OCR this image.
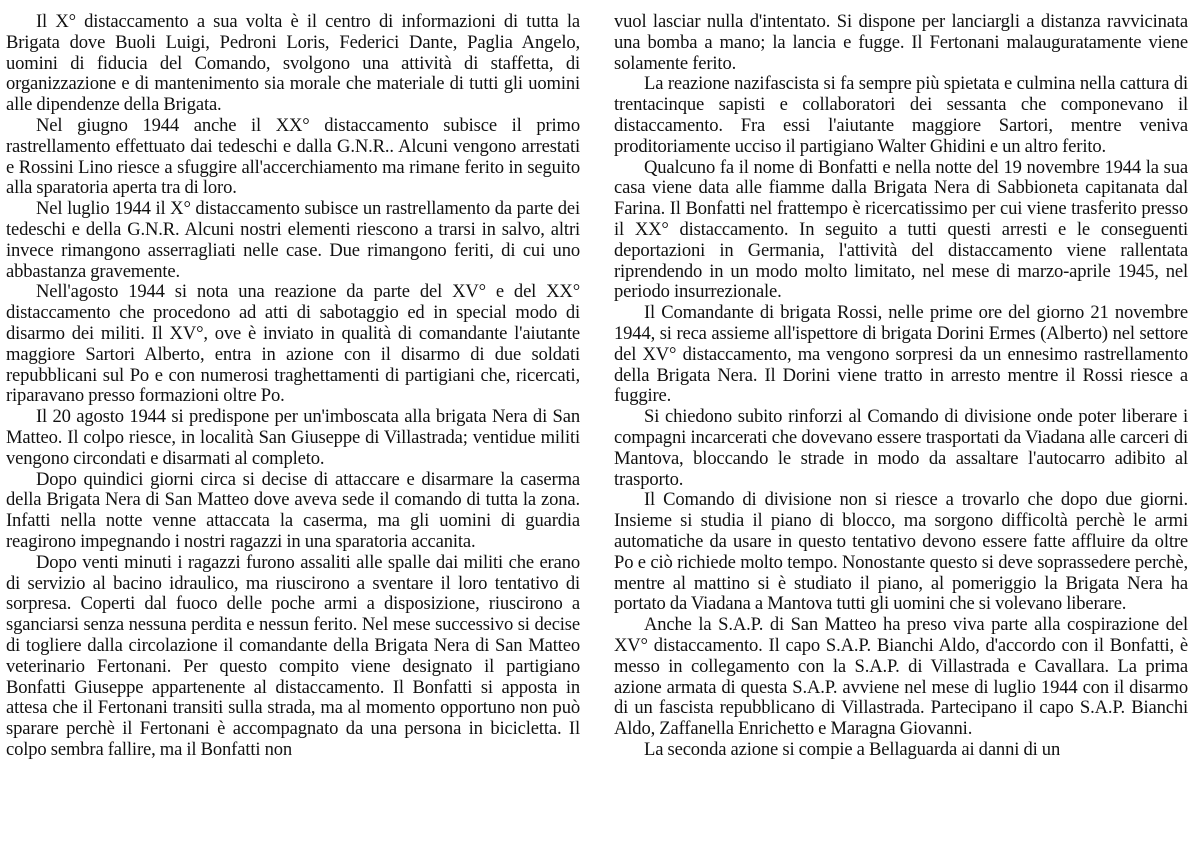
Il X° distaccamento a sua volta è il centro di informazioni di tutta la Brigata dove Buoli Luigi, Pedroni Loris, Federici Dante, Paglia Angelo, uomini di fiducia del Comando, svolgono una attività di staffetta, di organizzazione e di mantenimento sia morale che materiale di tutti gli uomini alle dipendenze della Brigata.

Nel giugno 1944 anche il XX° distaccamento subisce il primo rastrellamento effettuato dai tedeschi e dalla G.N.R.. Alcuni vengono arrestati e Rossini Lino riesce a sfuggire all'accerchiamento ma rimane ferito in seguito alla sparatoria aperta tra di loro.

Nel luglio 1944 il X° distaccamento subisce un rastrellamento da parte dei tedeschi e della G.N.R. Alcuni nostri elementi riescono a trarsi in salvo, altri invece rimangono asserragliati nelle case. Due rimangono feriti, di cui uno abbastanza gravemente.

Nell'agosto 1944 si nota una reazione da parte del XV° e del XX° distaccamento che procedono ad atti di sabotaggio ed in special modo di disarmo dei militi. Il XV°, ove è inviato in qualità di comandante l'aiutante maggiore Sartori Alberto, entra in azione con il disarmo di due soldati repubblicani sul Po e con numerosi traghettamenti di partigiani che, ricercati, riparavano presso formazioni oltre Po.

Il 20 agosto 1944 si predispone per un'imboscata alla brigata Nera di San Matteo. Il colpo riesce, in località San Giuseppe di Villastrada; ventidue militi vengono circondati e disarmati al completo.

Dopo quindici giorni circa si decise di attaccare e disarmare la caserma della Brigata Nera di San Matteo dove aveva sede il comando di tutta la zona. Infatti nella notte venne attaccata la caserma, ma gli uomini di guardia reagirono impegnando i nostri ragazzi in una sparatoria accanita.

Dopo venti minuti i ragazzi furono assaliti alle spalle dai militi che erano di servizio al bacino idraulico, ma riuscirono a sventare il loro tentativo di sorpresa. Coperti dal fuoco delle poche armi a disposizione, riuscirono a sganciarsi senza nessuna perdita e nessun ferito. Nel mese successivo si decise di togliere dalla circolazione il comandante della Brigata Nera di San Matteo veterinario Fertonani. Per questo compito viene designato il partigiano Bonfatti Giuseppe appartenente al distaccamento. Il Bonfatti si apposta in attesa che il Fertonani transiti sulla strada, ma al momento opportuno non può sparare perchè il Fertonani è accompagnato da una persona in bicicletta. Il colpo sembra fallire, ma il Bonfatti non

vuol lasciar nulla d'intentato. Si dispone per lanciargli a distanza ravvicinata una bomba a mano; la lancia e fugge. Il Fertonani malauguratamente viene solamente ferito.

La reazione nazifascista si fa sempre più spietata e culmina nella cattura di trentacinque sapisti e collaboratori dei sessanta che componevano il distaccamento. Fra essi l'aiutante maggiore Sartori, mentre veniva proditoriamente ucciso il partigiano Walter Ghidini e un altro ferito.

Qualcuno fa il nome di Bonfatti e nella notte del 19 novembre 1944 la sua casa viene data alle fiamme dalla Brigata Nera di Sabbioneta capitanata dal Farina. Il Bonfatti nel frattempo è ricercatissimo per cui viene trasferito presso il XX° distaccamento. In seguito a tutti questi arresti e le conseguenti deportazioni in Germania, l'attività del distaccamento viene rallentata riprendendo in un modo molto limitato, nel mese di marzo-aprile 1945, nel periodo insurrezionale.

Il Comandante di brigata Rossi, nelle prime ore del giorno 21 novembre 1944, si reca assieme all'ispettore di brigata Dorini Ermes (Alberto) nel settore del XV° distaccamento, ma vengono sorpresi da un ennesimo rastrellamento della Brigata Nera. Il Dorini viene tratto in arresto mentre il Rossi riesce a fuggire.

Si chiedono subito rinforzi al Comando di divisione onde poter liberare i compagni incarcerati che dovevano essere trasportati da Viadana alle carceri di Mantova, bloccando le strade in modo da assaltare l'autocarro adibito al trasporto.

Il Comando di divisione non si riesce a trovarlo che dopo due giorni. Insieme si studia il piano di blocco, ma sorgono difficoltà perchè le armi automatiche da usare in questo tentativo devono essere fatte affluire da oltre Po e ciò richiede molto tempo. Nonostante questo si deve soprassedere perchè, mentre al mattino si è studiato il piano, al pomeriggio la Brigata Nera ha portato da Viadana a Mantova tutti gli uomini che si volevano liberare.

Anche la S.A.P. di San Matteo ha preso viva parte alla cospirazione del XV° distaccamento. Il capo S.A.P. Bianchi Aldo, d'accordo con il Bonfatti, è messo in collegamento con la S.A.P. di Villastrada e Cavallara. La prima azione armata di questa S.A.P. avviene nel mese di luglio 1944 con il disarmo di un fascista repubblicano di Villastrada. Partecipano il capo S.A.P. Bianchi Aldo, Zaffanella Enrichetto e Maragna Giovanni.

La seconda azione si compie a Bellaguarda ai danni di un
